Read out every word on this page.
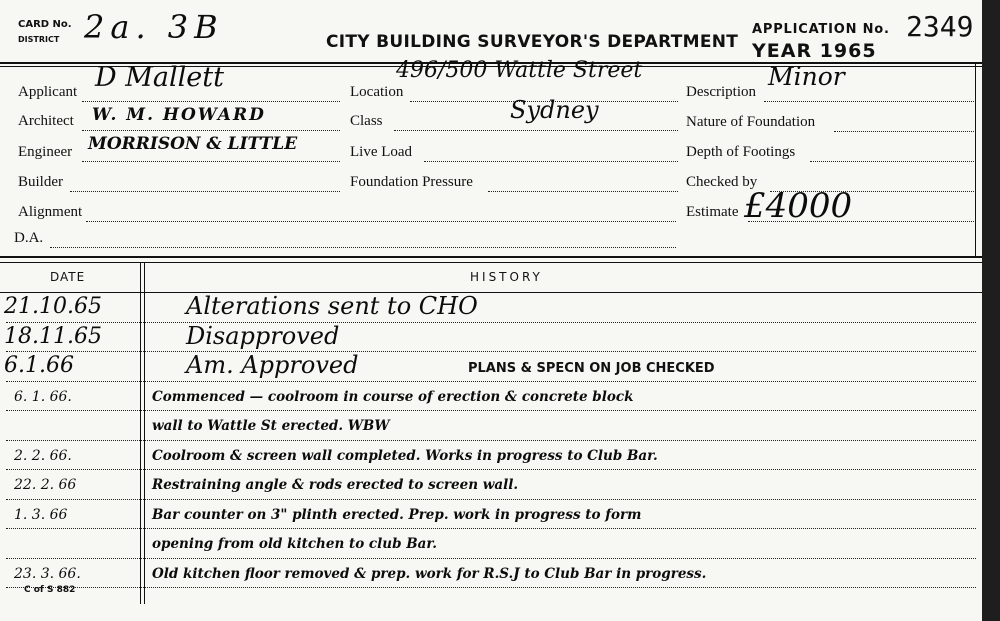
CARD No.
DISTRICT 2a. 3B	CITY BUILDING SURVEYOR'S DEPARTMENT
APPLICATION No. 2349
YEAR 1965
Applicant D Mallett
Architect W. M. HOWARD
Engineer MORRISON & LITTLE
Builder
Alignment
D.A.
Location
496/500 Wattle Street
Sydney
Class
Live Load
Foundation Pressure
Description
Minor
Nature of Foundation
Depth of Footings
Checked by
Estimate £4000
DATE	HISTORY
21.10.65	Alterations sent to CHO
18.11.65	Disapproved
6.1.66	Am. Approved	PLANS & SPECN ON JOB CHECKED
6. 1. 66.	Commenced — coolroom in course of erection & concrete block
wall to Wattle St erected. WBW
2. 2. 66.	Coolroom & screen wall completed. Works in progress to Club Bar.
22. 2. 66	Restraining angle & rods erected to screen wall.
1. 3. 66	Bar counter on 3" plinth erected. Prep. work in progress to form
opening from old kitchen to club Bar.
23. 3. 66.	Old kitchen floor removed & prep. work for R.S.J to Club Bar in progress.
C of S 882
